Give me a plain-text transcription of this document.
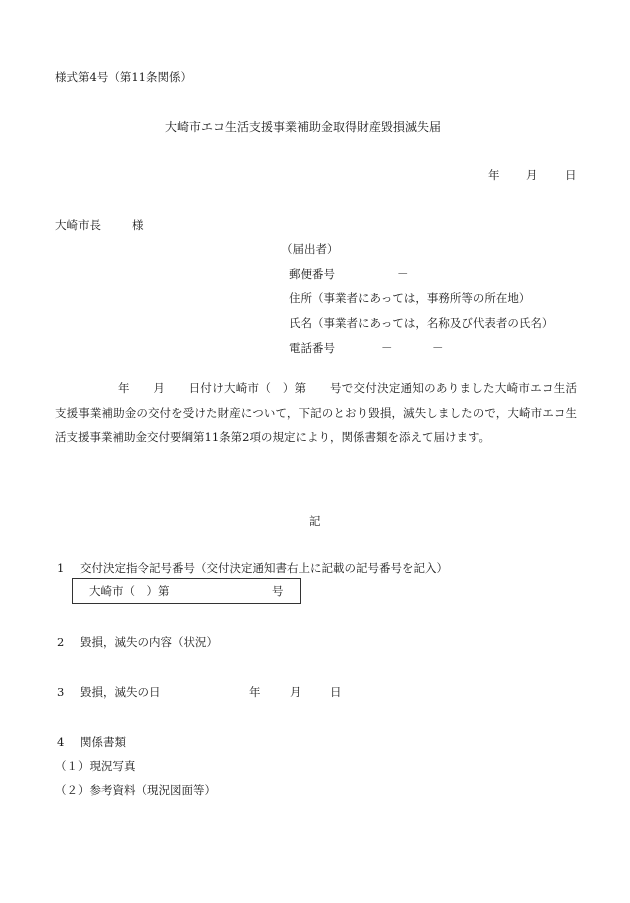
様式第4号（第11条関係）
大崎市エコ生活支援事業補助金取得財産毀損滅失届
年 月 日
大崎市長	様
（届出者）
郵便番号	－
住所（事業者にあっては，事務所等の所在地）
氏名（事業者にあっては，名称及び代表者の氏名）
電話番号	－	－
年　　月　　日付け大崎市（　）第　　号で交付決定通知のありました大崎市エコ生活支援事業補助金の交付を受けた財産について，下記のとおり毀損，滅失しましたので，大崎市エコ生活支援事業補助金交付要綱第11条第2項の規定により，関係書類を添えて届けます。
記
1 交付決定指令記号番号（交付決定通知書右上に記載の記号番号を記入）
大崎市（　）第	号
2 毀損，滅失の内容（状況）
3 毀損，滅失の日	年	月 日
4 関係書類
（１）現況写真
（２）参考資料（現況図面等）
